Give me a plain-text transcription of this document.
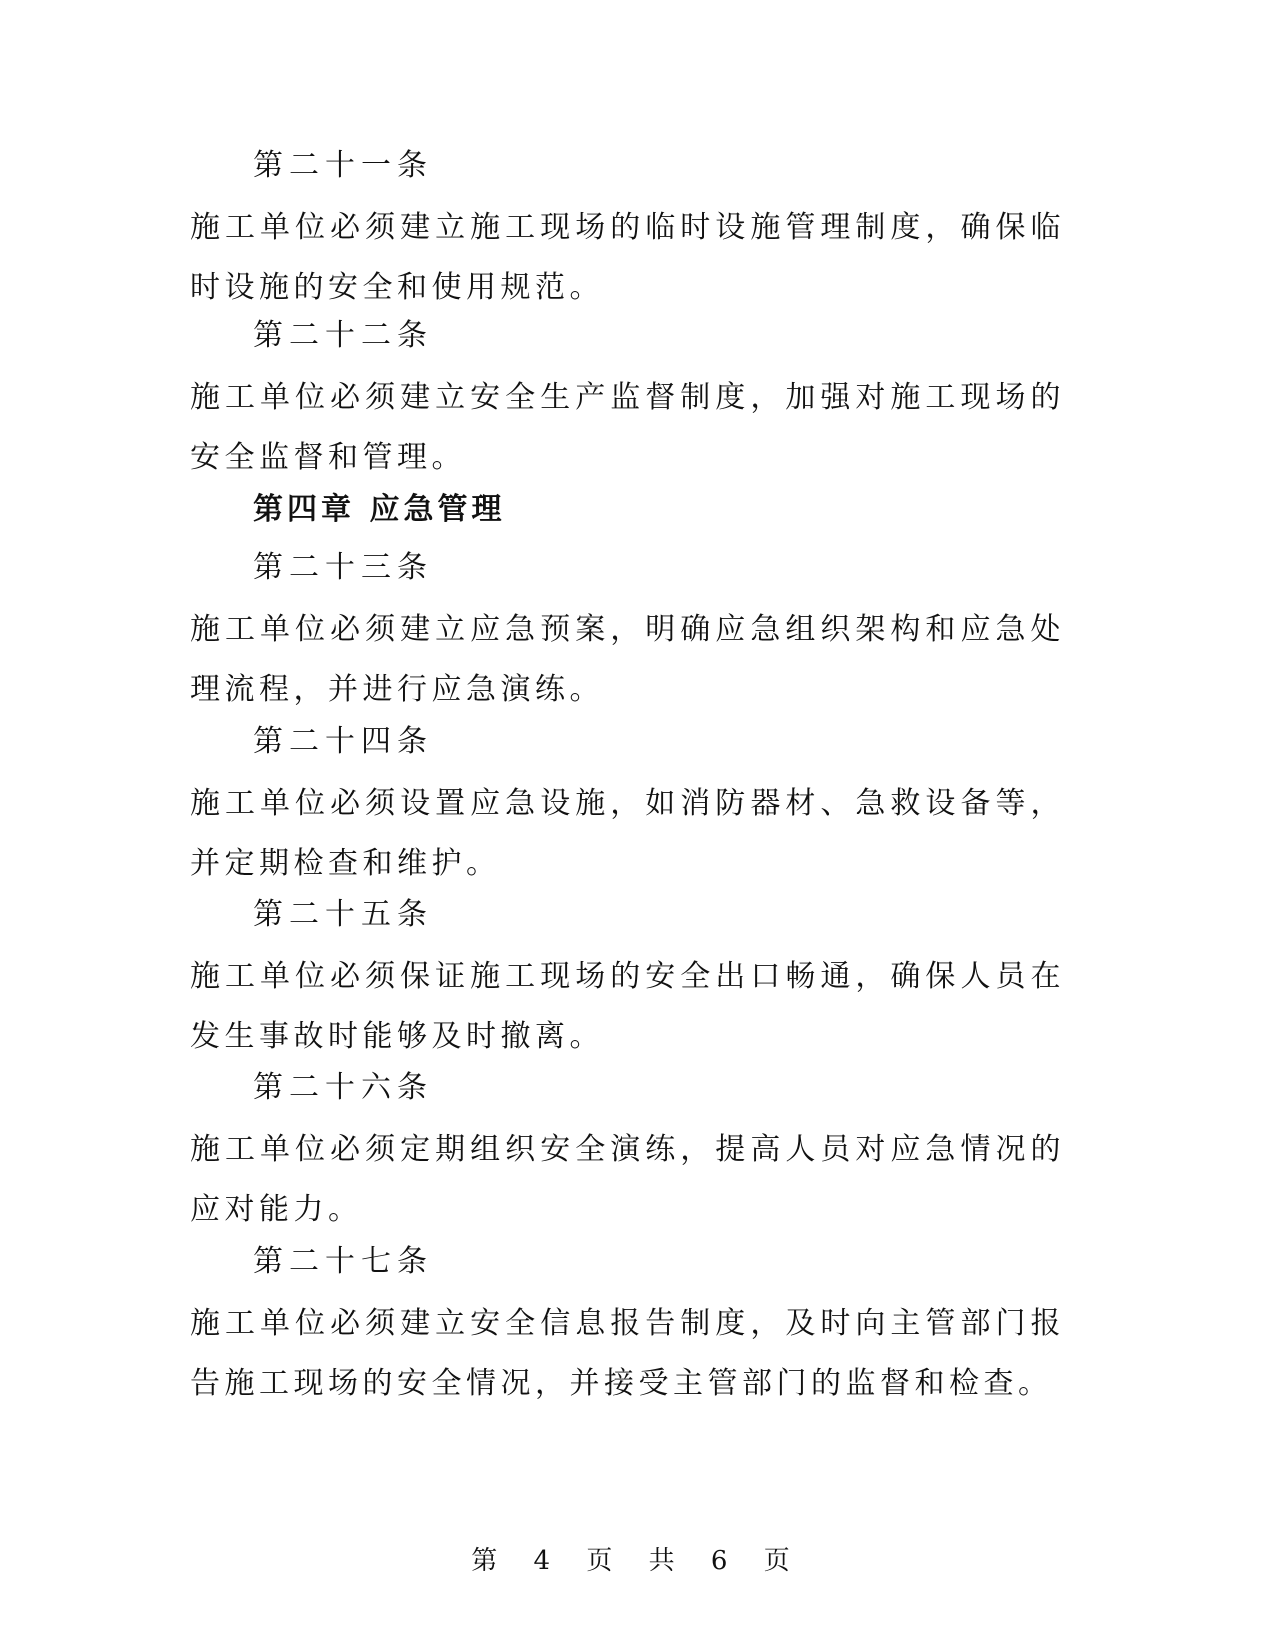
第二十一条
施工单位必须建立施工现场的临时设施管理制度，确保临时设施的安全和使用规范。
第二十二条
施工单位必须建立安全生产监督制度，加强对施工现场的安全监督和管理。
第四章 应急管理
第二十三条
施工单位必须建立应急预案，明确应急组织架构和应急处理流程，并进行应急演练。
第二十四条
施工单位必须设置应急设施，如消防器材、急救设备等，并定期检查和维护。
第二十五条
施工单位必须保证施工现场的安全出口畅通，确保人员在发生事故时能够及时撤离。
第二十六条
施工单位必须定期组织安全演练，提高人员对应急情况的应对能力。
第二十七条
施工单位必须建立安全信息报告制度，及时向主管部门报告施工现场的安全情况，并接受主管部门的监督和检查。
第 4 页 共 6 页
